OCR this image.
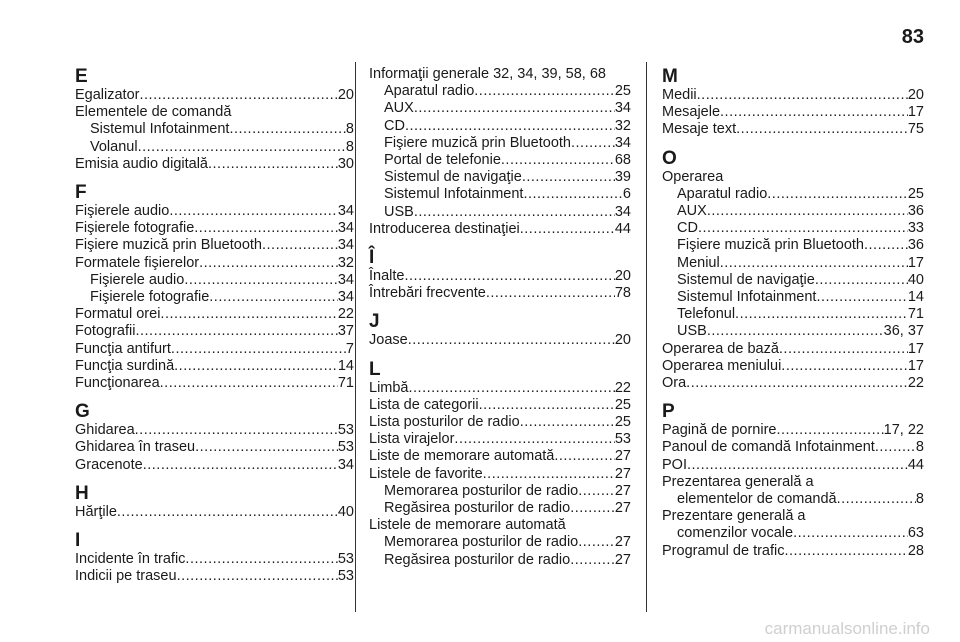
83
E
Egalizator .....	20
Elementele de comandă
Sistemul Infotainment .....	8
Volanul .....	8
Emisia audio digitală .....	30
F
Fişierele audio .....	34
Fişierele fotografie .....	34
Fişiere muzică prin Bluetooth .....	34
Formatele fişierelor .....	32
Fişierele audio .....	34
Fişierele fotografie .....	34
Formatul orei .....	22
Fotografii .....	37
Funcţia antifurt .....	7
Funcţia surdină .....	14
Funcţionarea .....	71
G
Ghidarea .....	53
Ghidarea în traseu .....	53
Gracenote .....	34
H
Hărţile .....	40
I
Incidente în trafic .....	53
Indicii pe traseu .....	53
Informaţii generale 32, 34, 39, 58, 68
Aparatul radio .....	25
AUX .....	34
CD .....	32
Fişiere muzică prin Bluetooth .....	34
Portal de telefonie .....	68
Sistemul de navigaţie .....	39
Sistemul Infotainment .....	6
USB .....	34
Introducerea destinaţiei .....	44
Î
Înalte .....	20
Întrebări frecvente .....	78
J
Joase .....	20
L
Limbă .....	22
Lista de categorii .....	25
Lista posturilor de radio .....	25
Lista virajelor .....	53
Liste de memorare automată .....	27
Listele de favorite .....	27
Memorarea posturilor de radio .....	27
Regăsirea posturilor de radio .....	27
Listele de memorare automată
Memorarea posturilor de radio .....	27
Regăsirea posturilor de radio .....	27
M
Medii .....	20
Mesajele .....	17
Mesaje text .....	75
O
Operarea
Aparatul radio .....	25
AUX .....	36
CD .....	33
Fişiere muzică prin Bluetooth .....	36
Meniul .....	17
Sistemul de navigaţie .....	40
Sistemul Infotainment .....	14
Telefonul .....	71
USB .....	36, 37
Operarea de bază .....	17
Operarea meniului .....	17
Ora .....	22
P
Pagină de pornire .....	17, 22
Panoul de comandă Infotainment .....	8
POI .....	44
Prezentarea generală a
elementelor de comandă .....	8
Prezentare generală a
comenzilor vocale .....	63
Programul de trafic .....	28
carmanualsonline.info
